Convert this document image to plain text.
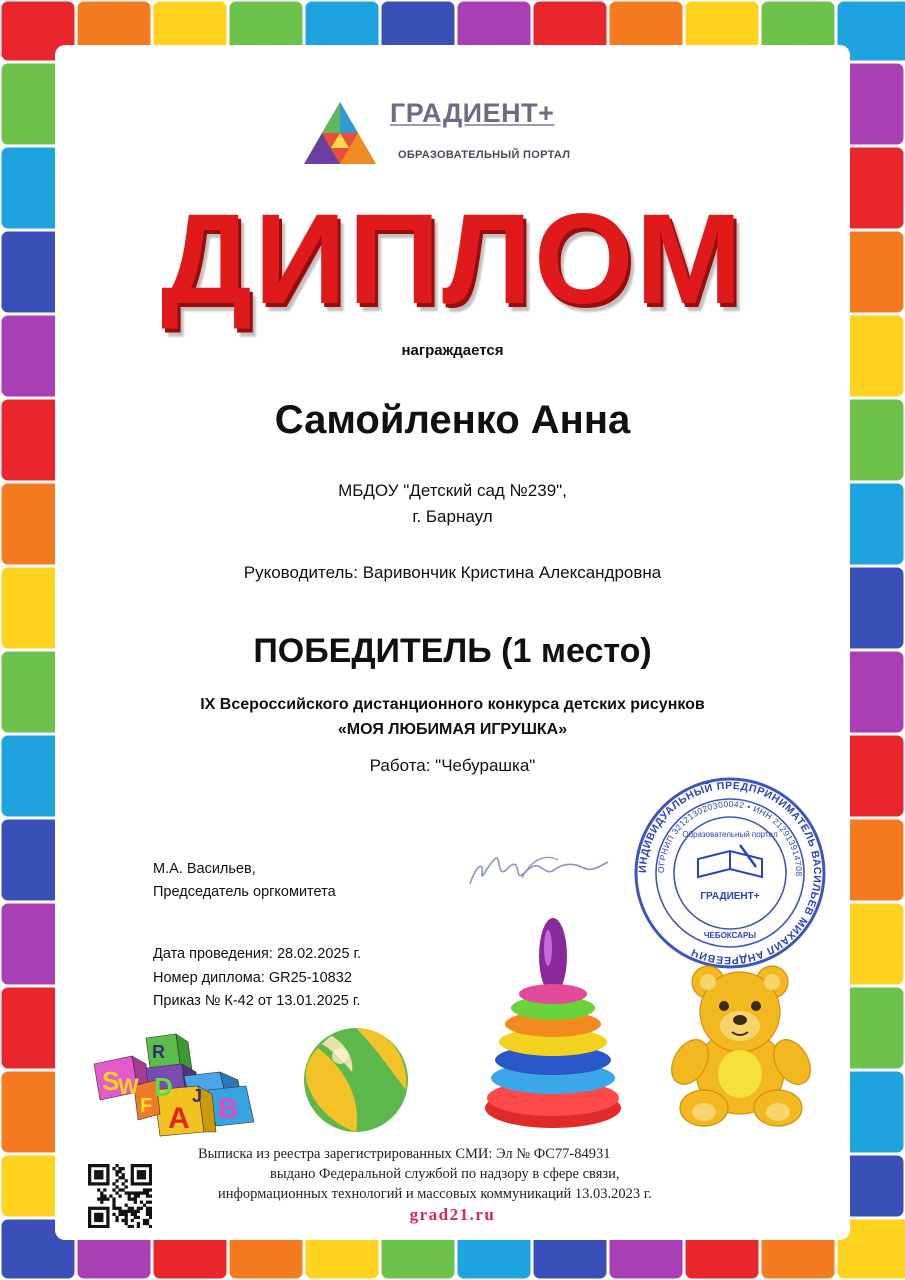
ГРАДИЕНТ+
ОБРАЗОВАТЕЛЬНЫЙ ПОРТАЛ
ДИПЛОМ
награждается
Самойленко Анна
МБДОУ "Детский сад №239",
г. Барнаул
Руководитель: Варивончик Кристина Александровна
ПОБЕДИТЕЛЬ (1 место)
IX Всероссийского дистанционного конкурса детских рисунков
«МОЯ ЛЮБИМАЯ ИГРУШКА»
Работа: "Чебурашка"
М.А. Васильев,
Председатель оргкомитета
ИНДИВИДУАЛЬНЫЙ ПРЕДПРИНИМАТЕЛЬ ВАСИЛЬЕВ МИХАИЛ АНДРЕЕВИЧ
ОГРНИП 321213020300042 • ИНН 212913914708
Образовательный портал
ГРАДИЕНТ+
ЧЕБОКСАРЫ
Дата проведения: 28.02.2025 г.
Номер диплома: GR25-10832
Приказ № К-42 от 13.01.2025 г.
R
D
S
W
F J
A B
Выписка из реестра зарегистрированных СМИ: Эл № ФС77-84931
выдано Федеральной службой по надзору в сфере связи,
информационных технологий и массовых коммуникаций 13.03.2023 г.
grad21.ru
